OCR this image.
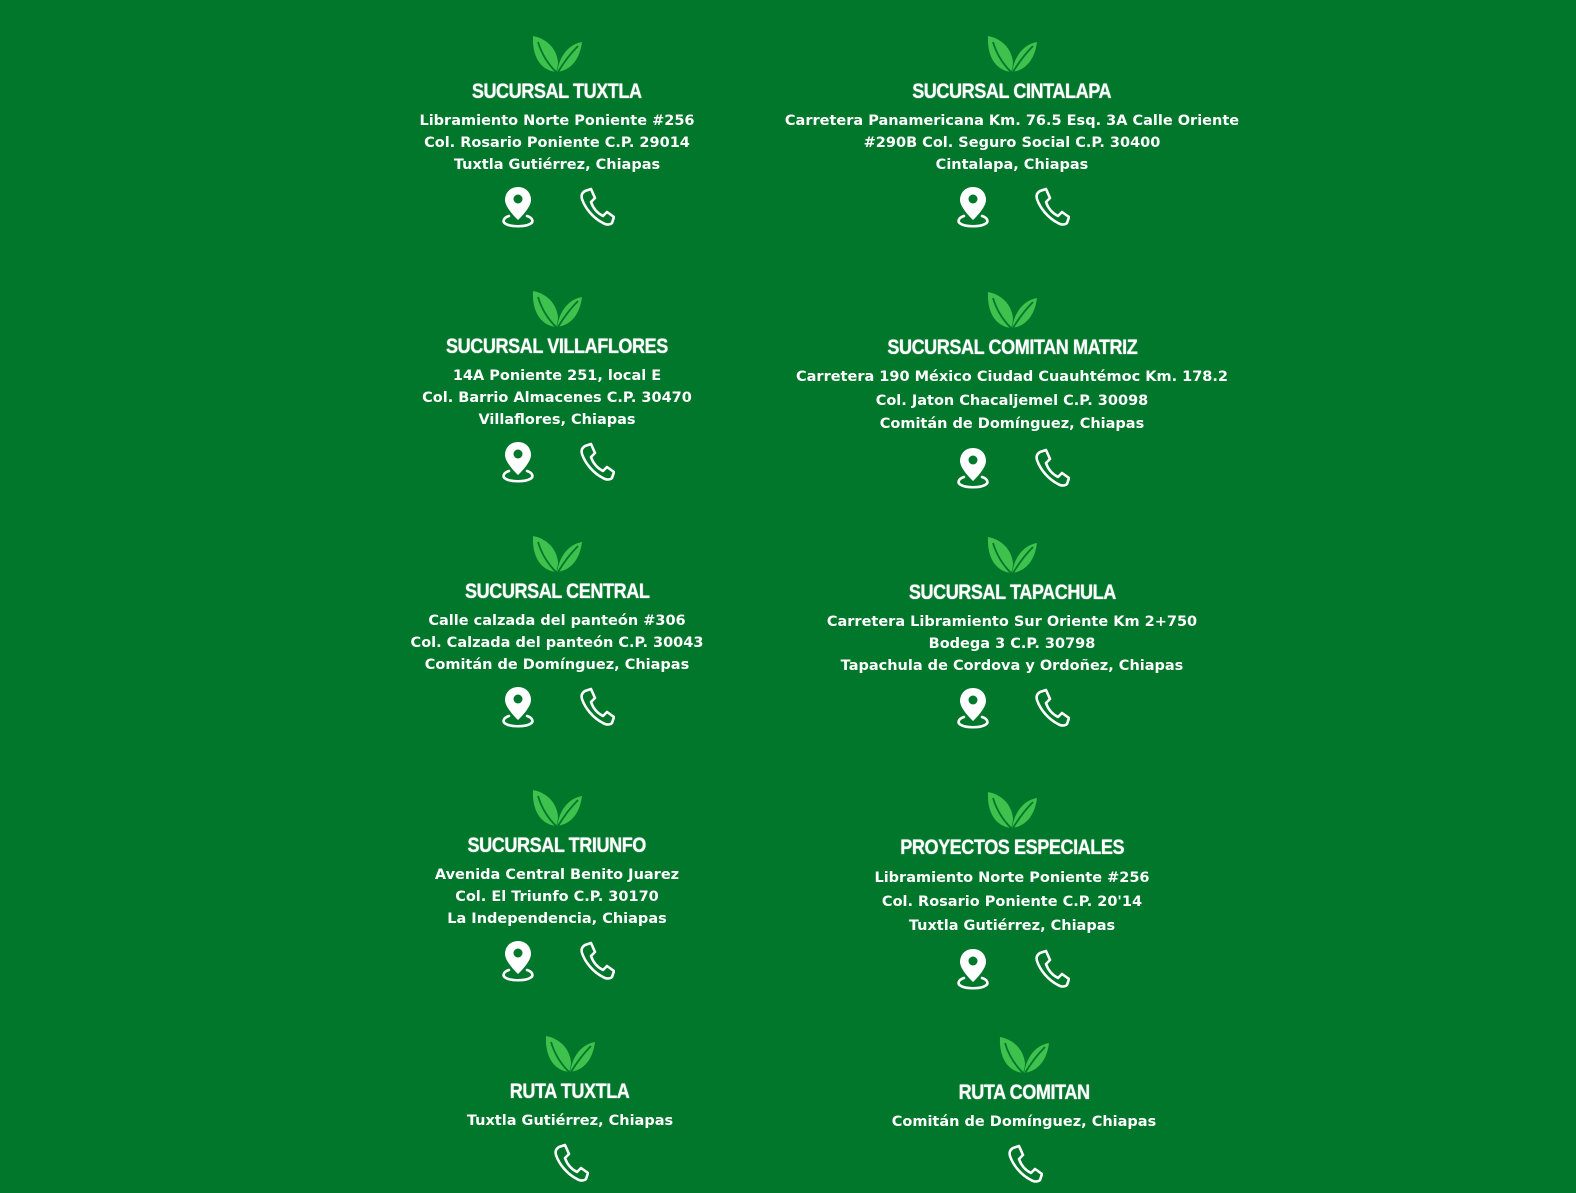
SUCURSAL TUXTLA
Libramiento Norte Poniente #256
Col. Rosario Poniente C.P. 29014
Tuxtla Gutiérrez, Chiapas
SUCURSAL CINTALAPA
Carretera Panamericana Km. 76.5 Esq. 3A Calle Oriente
#290B Col. Seguro Social C.P. 30400
Cintalapa, Chiapas
SUCURSAL VILLAFLORES
14A Poniente 251, local E
Col. Barrio Almacenes C.P. 30470
Villaflores, Chiapas
SUCURSAL COMITAN MATRIZ
Carretera 190 México Ciudad Cuauhtémoc Km. 178.2
Col. Jaton Chacaljemel C.P. 30098
Comitán de Domínguez, Chiapas
SUCURSAL CENTRAL
Calle calzada del panteón #306
Col. Calzada del panteón C.P. 30043
Comitán de Domínguez, Chiapas
SUCURSAL TAPACHULA
Carretera Libramiento Sur Oriente Km 2+750
Bodega 3 C.P. 30798
Tapachula de Cordova y Ordoñez, Chiapas
SUCURSAL TRIUNFO
Avenida Central Benito Juarez
Col. El Triunfo C.P. 30170
La Independencia, Chiapas
PROYECTOS ESPECIALES
Libramiento Norte Poniente #256
Col. Rosario Poniente C.P. 20'14
Tuxtla Gutiérrez, Chiapas
RUTA TUXTLA
Tuxtla Gutiérrez, Chiapas
RUTA COMITAN
Comitán de Domínguez, Chiapas
